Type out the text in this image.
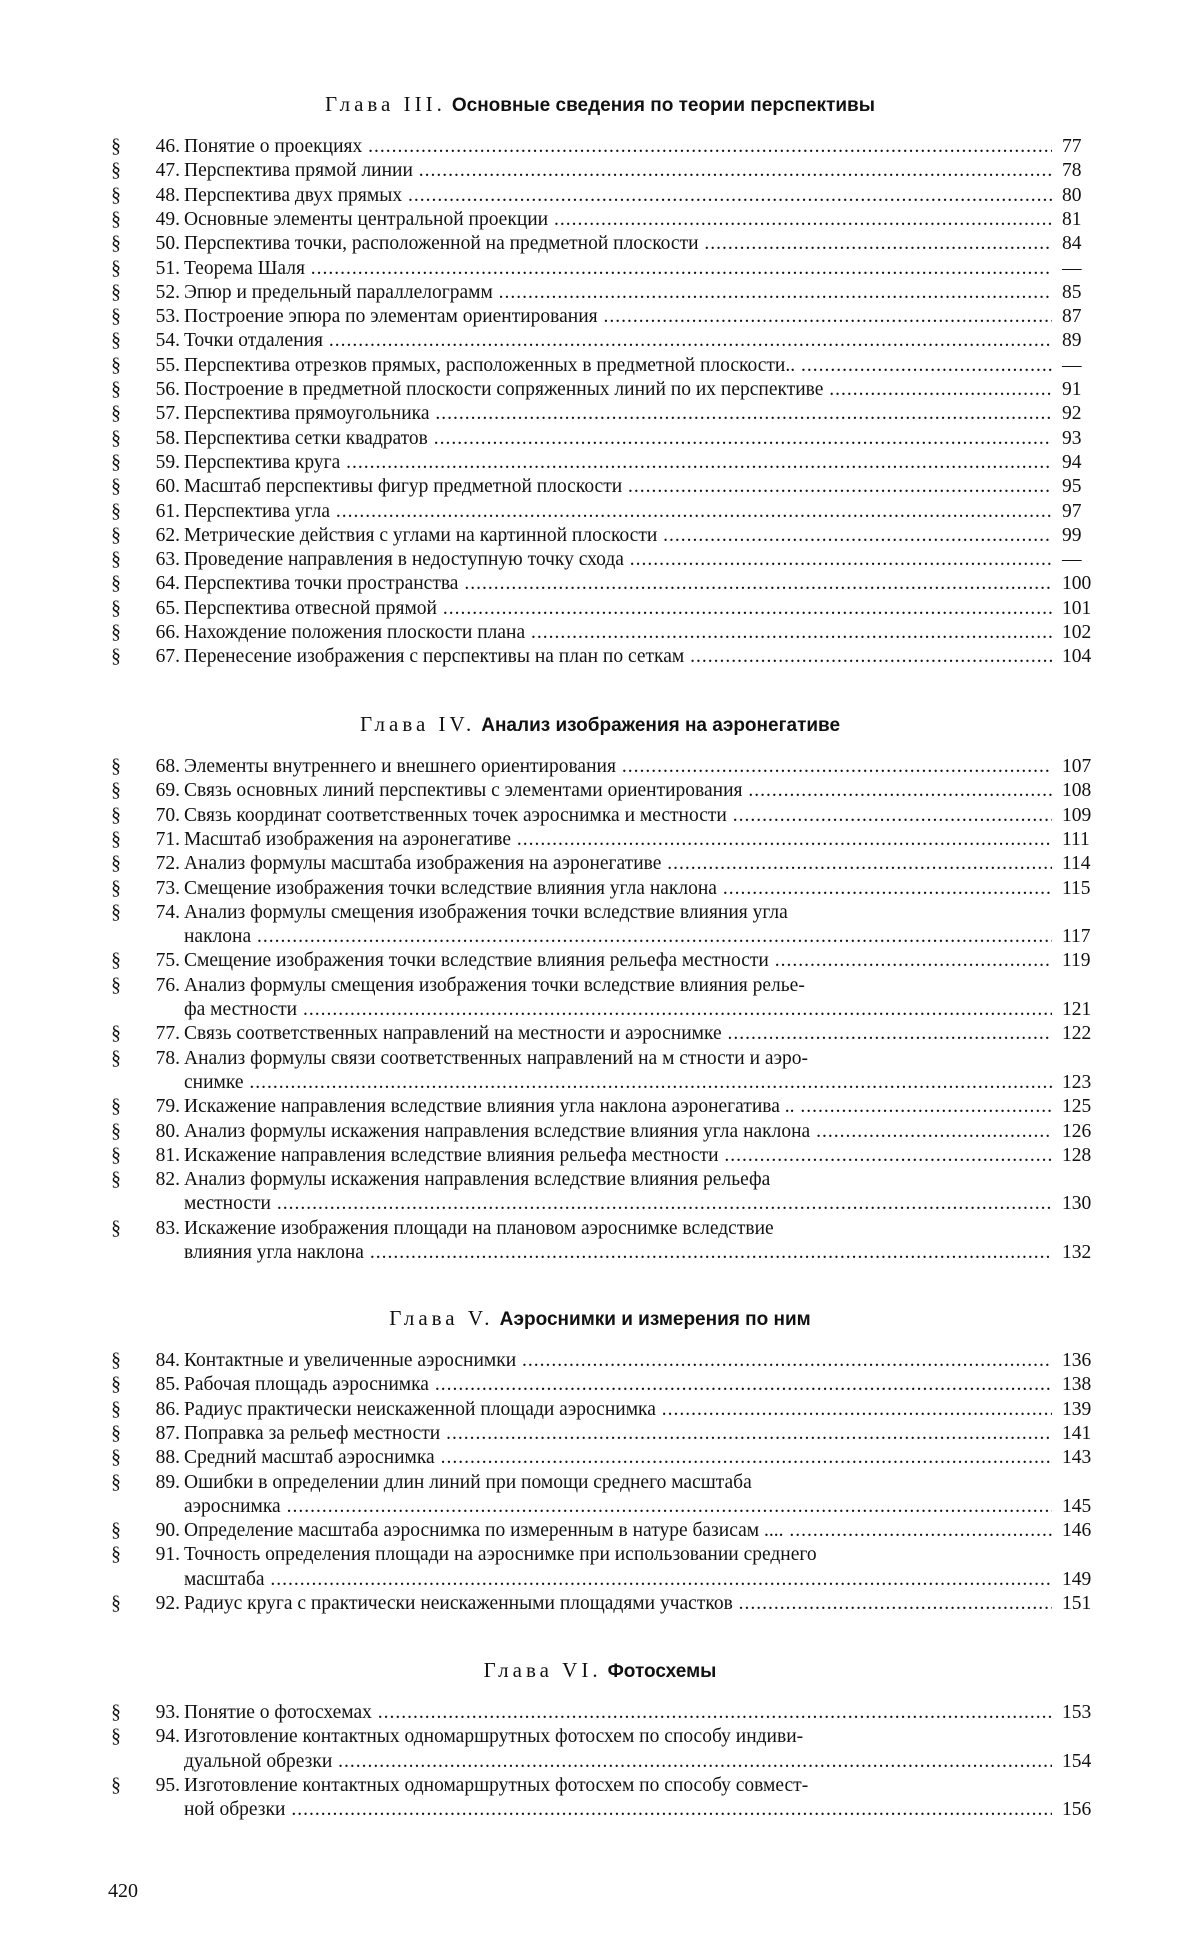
Глава III. Основные сведения по теории перспективы
§	46. Понятие о проекциях .....	77
§	47. Перспектива прямой линии .....	78
§	48. Перспектива двух прямых .....	80
§	49. Основные элементы центральной проекции .....	81
§	50. Перспектива точки, расположенной на предметной плоскости .....	84
§	51. Теорема Шаля .....	—
§	52. Эпюр и предельный параллелограмм .....	85
§	53. Построение эпюра по элементам ориентирования .....	87
§	54. Точки отдаления .....	89
§	55. Перспектива отрезков прямых, расположенных в предметной плоскости.. .....	—
§	56. Построение в предметной плоскости сопряженных линий по их перспективе .....	91
§	57. Перспектива прямоугольника .....	92
§	58. Перспектива сетки квадратов .....	93
§	59. Перспектива круга .....	94
§	60. Масштаб перспективы фигур предметной плоскости .....	95
§	61. Перспектива угла .....	97
§	62. Метрические действия с углами на картинной плоскости .....	99
§	63. Проведение направления в недоступную точку схода .....	—
§	64. Перспектива точки пространства .....	100
§	65. Перспектива отвесной прямой .....	101
§	66. Нахождение положения плоскости плана .....	102
§	67. Перенесение изображения с перспективы на план по сеткам .....	104
Глава IV. Анализ изображения на аэронегативе
§	68. Элементы внутреннего и внешнего ориентирования .....	107
§	69. Связь основных линий перспективы с элементами ориентирования .....	108
§	70. Связь координат соответственных точек аэроснимка и местности .....	109
§	71. Масштаб изображения на аэронегативе .....	111
§	72. Анализ формулы масштаба изображения на аэронегативе .....	114
§	73. Смещение изображения точки вследствие влияния угла наклона .....	115
§	74. Анализ формулы смещения изображения точки вследствие влияния угла
наклона .....	117
§	75. Смещение изображения точки вследствие влияния рельефа местности .....	119
§	76. Анализ формулы смещения изображения точки вследствие влияния релье-
фа местности .....	121
§	77. Связь соответственных направлений на местности и аэроснимке .....	122
§	78. Анализ формулы связи соответственных направлений на м стности и аэро-
снимке .....	123
§	79. Искажение направления вследствие влияния угла наклона аэронегатива .. .....	125
§	80. Анализ формулы искажения направления вследствие влияния угла наклона .....	126
§	81. Искажение направления вследствие влияния рельефа местности .....	128
§	82. Анализ формулы искажения направления вследствие влияния рельефа
местности .....	130
§	83. Искажение изображения площади на плановом аэроснимке вследствие
влияния угла наклона .....	132
Глава V. Аэроснимки и измерения по ним
§	84. Контактные и увеличенные аэроснимки .....	136
§	85. Рабочая площадь аэроснимка .....	138
§	86. Радиус практически неискаженной площади аэроснимка .....	139
§	87. Поправка за рельеф местности .....	141
§	88. Средний масштаб аэроснимка .....	143
§	89. Ошибки в определении длин линий при помощи среднего масштаба
аэроснимка .....	145
§	90. Определение масштаба аэроснимка по измеренным в натуре базисам .... .....	146
§	91. Точность определения площади на аэроснимке при использовании среднего
масштаба .....	149
§	92. Радиус круга с практически неискаженными площадями участков .....	151
Глава VI. Фотосхемы
§	93. Понятие о фотосхемах .....	153
§	94. Изготовление контактных одномаршрутных фотосхем по способу индиви-
дуальной обрезки .....	154
§	95. Изготовление контактных одномаршрутных фотосхем по способу совмест-
ной обрезки .....	156
420
